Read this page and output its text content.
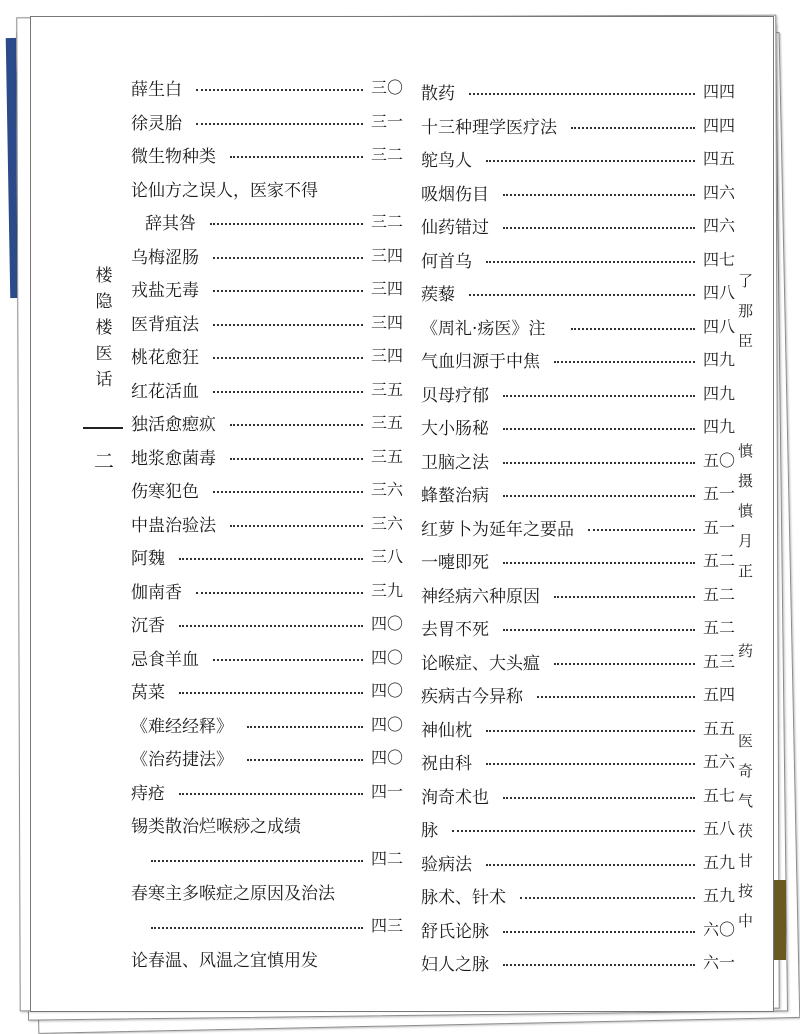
楼
隐
楼
医
话
二
薛生白	三〇
徐灵胎	三一
微生物种类	三二
论仙方之误人，医家不得
辞其咎	三二
乌梅涩肠	三四
戎盐无毒	三四
医背疽法	三四
桃花愈狂	三四
红花活血	三五
独活愈瘛疭	三五
地浆愈菌毒	三五
伤寒犯色	三六
中蛊治验法	三六
阿魏	三八
伽南香	三九
沉香	四〇
忌食羊血	四〇
莴菜	四〇
《难经经释》	四〇
《治药捷法》	四〇
痔疮	四一
锡类散治烂喉痧之成绩
四二
春寒主多喉症之原因及治法
四三
论春温、风温之宜慎用发
散药	四四
十三种理学医疗法	四四
鸵鸟人	四五
吸烟伤目	四六
仙药错过	四六
何首乌	四七
蒺藜	四八
《周礼·疡医》注	四八
气血归源于中焦	四九
贝母疗郁	四九
大小肠秘	四九
卫脑之法	五〇
蜂螯治病	五一
红萝卜为延年之要品	五一
一嚏即死	五二
神经病六种原因	五二
去胃不死	五二
论喉症、大头瘟	五三
疾病古今异称	五四
神仙枕	五五
祝由科	五六
洵奇术也	五七
脉	五八
验病法	五九
脉术、针术	五九
舒氏论脉	六〇
妇人之脉	六一

了
那
臣
慎
摄
慎
月
正
药
医
奇
气
茯
甘
按
中
